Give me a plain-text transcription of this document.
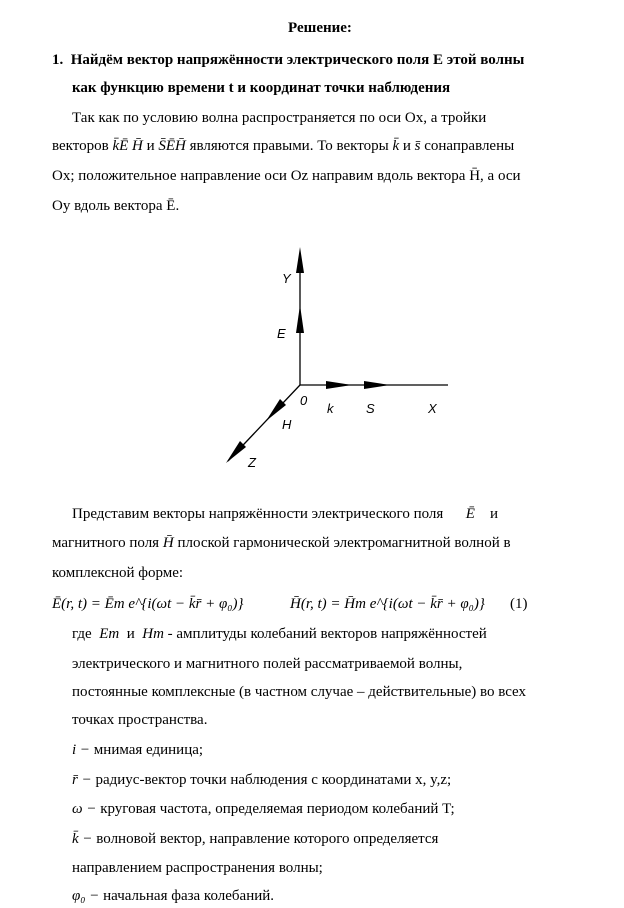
Решение:
1. Найдём вектор напряжённости электрического поля E этой волны
как функцию времени t и координат точки наблюдения
Так как по условию волна распространяется по оси Ox, а тройки
векторов k̄Ē H̄ и S̄ĒH̄ являются правыми. То векторы k̄ и s̄ сонаправлены
Ox; положительное направление оси Oz направим вдоль вектора H̄, а оси
Oy вдоль вектора Ē.
Y
E
0
k	S	X
H
Z
Представим векторы напряжённости электрического поля Ē и
магнитного поля H̄ плоской гармонической электромагнитной волной в
комплексной форме:
Ē(r, t) = Ēm e^{i(ωt − k̄r̄ + φ₀)}	H̄(r, t) = H̄m e^{i(ωt − k̄r̄ + φ₀)}	(1)
где Em и Hm - амплитуды колебаний векторов напряжённостей
электрического и магнитного полей рассматриваемой волны,
постоянные комплексные (в частном случае – действительные) во всех
точках пространства.
i − мнимая единица;
r̄ − радиус-вектор точки наблюдения с координатами x, y,z;
ω − круговая частота, определяемая периодом колебаний T;
k̄ − волновой вектор, направление которого определяется
направлением распространения волны;
φ₀ − начальная фаза колебаний.
